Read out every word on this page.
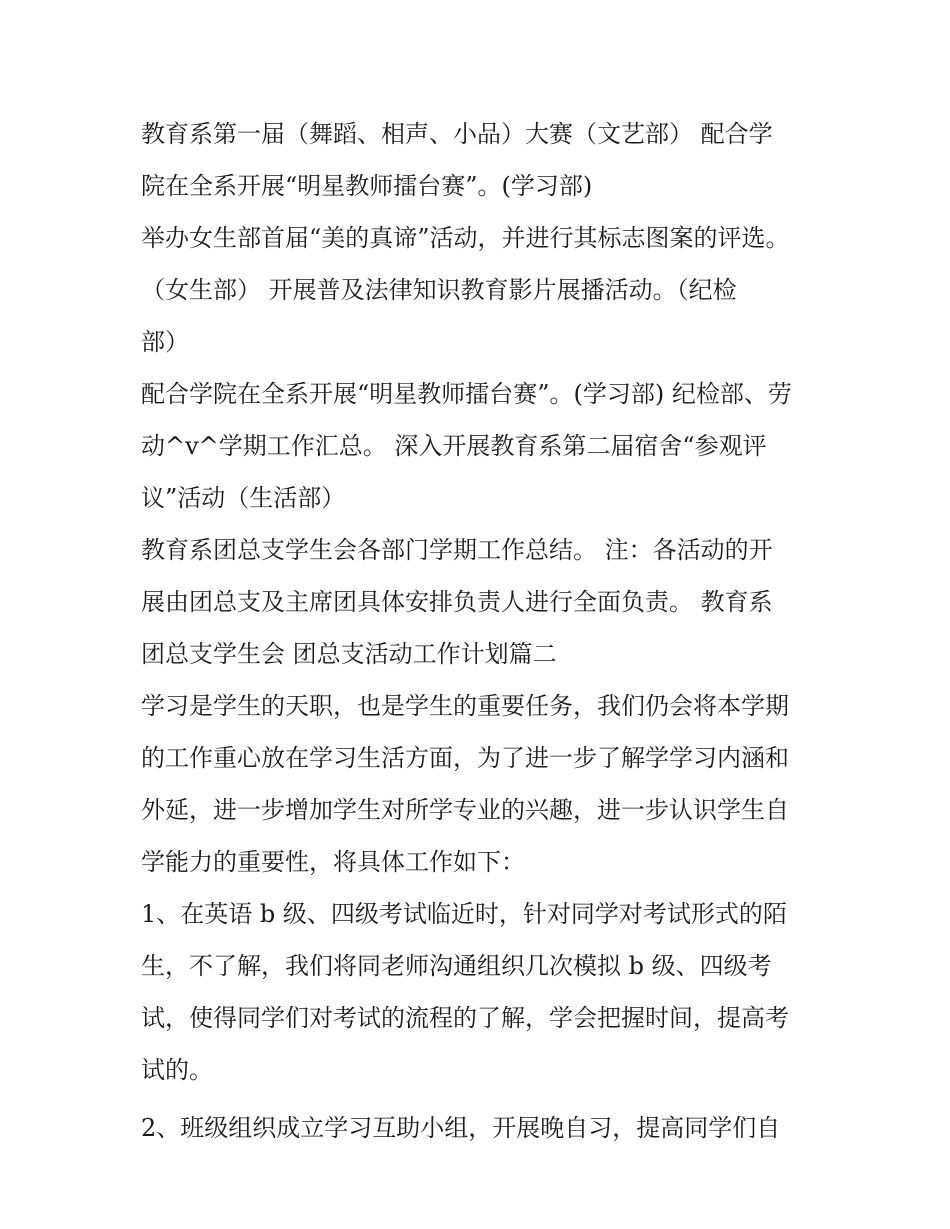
教育系第一届（舞蹈、相声、小品）大赛（文艺部） 配合学
院在全系开展“明星教师擂台赛”。(学习部)
举办女生部首届“美的真谛”活动，并进行其标志图案的评选。
（女生部） 开展普及法律知识教育影片展播活动。（纪检
部）
配合学院在全系开展“明星教师擂台赛”。(学习部) 纪检部、劳
动^v^学期工作汇总。 深入开展教育系第二届宿舍“参观评
议”活动（生活部）
教育系团总支学生会各部门学期工作总结。 注：各活动的开
展由团总支及主席团具体安排负责人进行全面负责。 教育系
团总支学生会 团总支活动工作计划篇二
学习是学生的天职，也是学生的重要任务，我们仍会将本学期
的工作重心放在学习生活方面，为了进一步了解学学习内涵和
外延，进一步增加学生对所学专业的兴趣，进一步认识学生自
学能力的重要性，将具体工作如下：
1、在英语 b 级、四级考试临近时，针对同学对考试形式的陌
生，不了解，我们将同老师沟通组织几次模拟 b 级、四级考
试，使得同学们对考试的流程的了解，学会把握时间，提高考
试的。
2、班级组织成立学习互助小组，开展晚自习，提高同学们自
